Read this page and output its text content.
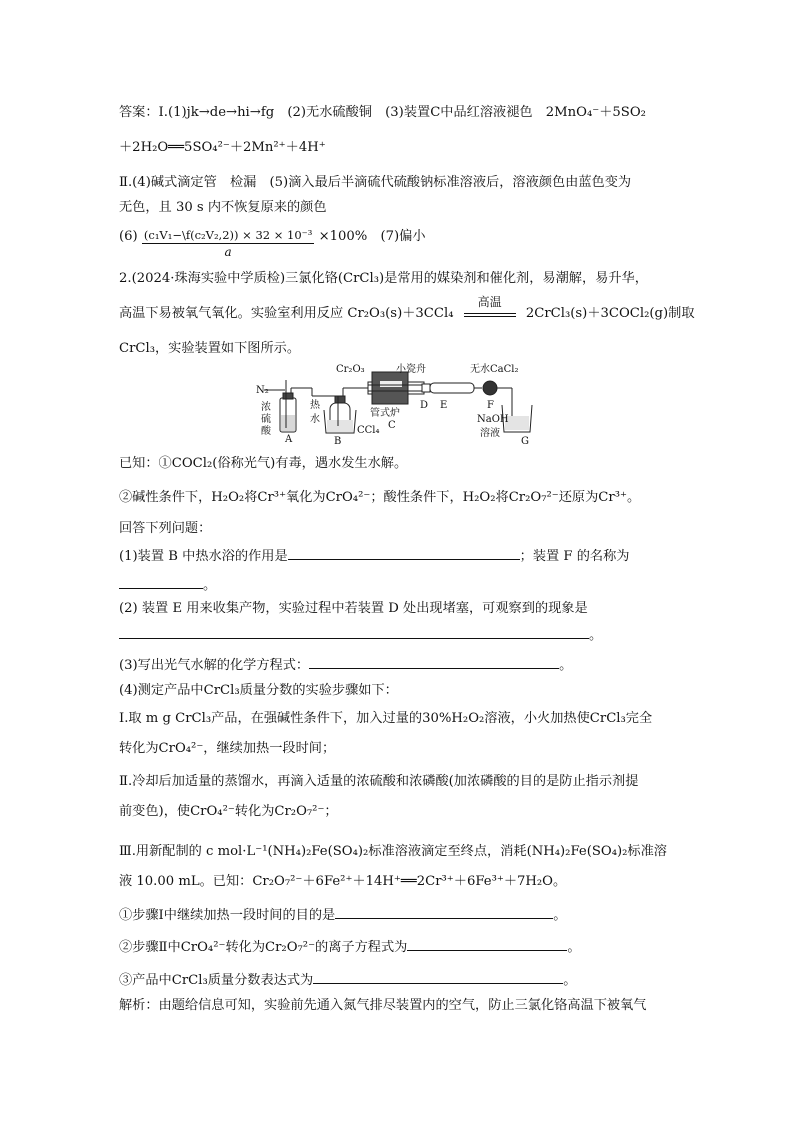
答案：Ⅰ.(1)jk→de→hi→fg　(2)无水硫酸铜　(3)装置C中品红溶液褪色　2MnO₄⁻＋5SO₂
＋2H₂O══5SO₄²⁻＋2Mn²⁺＋4H⁺
Ⅱ.(4)碱式滴定管　检漏　(5)滴入最后半滴硫代硫酸钠标准溶液后，溶液颜色由蓝色变为
无色，且 30 s 内不恢复原来的颜色
$(6) \frac{\text{(c₁V₁−\textbackslash{}f(c₂V₂,2)) × 32 × 10⁻³}}{a} \times 100\%$　(7)偏小
2.(2024·珠海实验中学质检)三氯化铬(CrCl₃)是常用的媒染剂和催化剂，易潮解，易升华，
高温下易被氧气氧化。实验室利用反应 Cr₂O₃(s)＋3CCl₄
高温
2CrCl₃(s)＋3COCl₂(g)制取
CrCl₃，实验装置如下图所示。
N₂
浓
硫
酸
A
热
水
B
CCl₄
Cr₂O₃
管式炉
C
小瓷舟
D E
无水CaCl₂
F
NaOH
溶液
G
已知：①COCl₂(俗称光气)有毒，遇水发生水解。
②碱性条件下，H₂O₂将Cr³⁺氧化为CrO₄²⁻；酸性条件下，H₂O₂将Cr₂O₇²⁻还原为Cr³⁺。
回答下列问题：
(1)装置 B 中热水浴的作用是	；装置 F 的名称为
。
(2) 装置 E 用来收集产物，实验过程中若装置 D 处出现堵塞，可观察到的现象是
。
(3)写出光气水解的化学方程式：	。
(4)测定产品中CrCl₃质量分数的实验步骤如下：
Ⅰ.取 m g CrCl₃产品，在强碱性条件下，加入过量的30%H₂O₂溶液，小火加热使CrCl₃完全
转化为CrO₄²⁻，继续加热一段时间；
Ⅱ.冷却后加适量的蒸馏水，再滴入适量的浓硫酸和浓磷酸(加浓磷酸的目的是防止指示剂提
前变色)，使CrO₄²⁻转化为Cr₂O₇²⁻；
Ⅲ.用新配制的 c mol·L⁻¹(NH₄)₂Fe(SO₄)₂标准溶液滴定至终点，消耗(NH₄)₂Fe(SO₄)₂标准溶
液 10.00 mL。已知：Cr₂O₇²⁻＋6Fe²⁺＋14H⁺══2Cr³⁺＋6Fe³⁺＋7H₂O。
①步骤Ⅰ中继续加热一段时间的目的是	。
②步骤Ⅱ中CrO₄²⁻转化为Cr₂O₇²⁻的离子方程式为	。
③产品中CrCl₃质量分数表达式为	。
解析：由题给信息可知，实验前先通入氮气排尽装置内的空气，防止三氯化铬高温下被氧气
